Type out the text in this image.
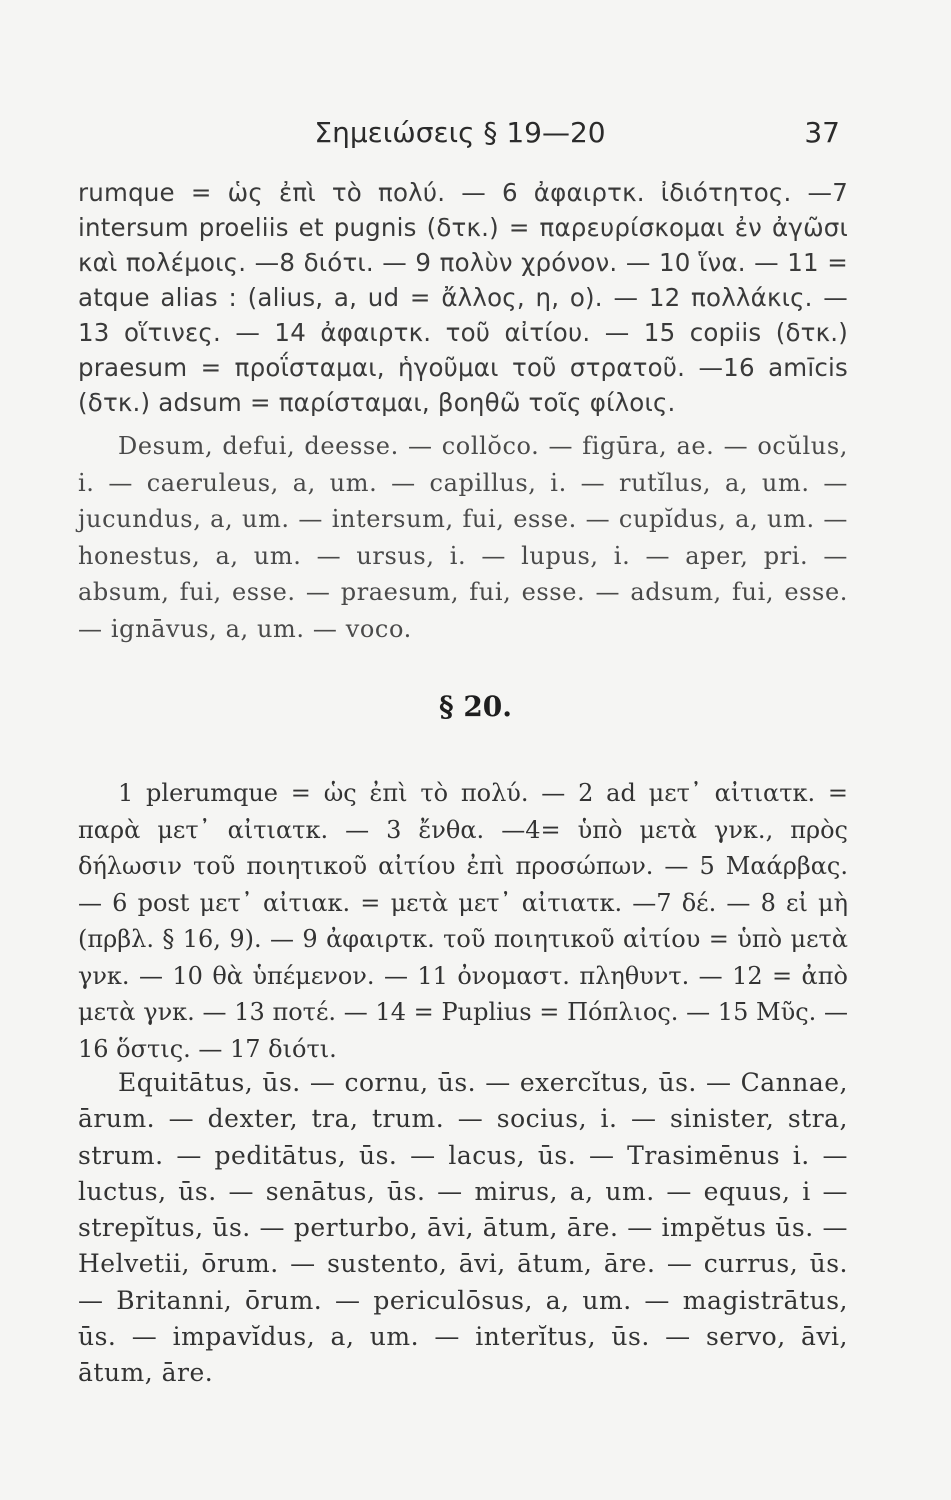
Σημειώσεις § 19—20	37

rumque = ὡς ἐπὶ τὸ πολύ. — 6 ἀφαιρτκ. ἰδιότητος. —7 intersum proeliis et pugnis (δτκ.) = παρευρίσκομαι ἐν ἀγῶσι καὶ πολέμοις. —8 διότι. — 9 πολὺν χρόνον. — 10 ἵνα. — 11 = atque alias : (alius, a, ud = ἄλλος, η, ο). — 12 πολλάκις. — 13 οἵτινες. — 14 ἀφαιρτκ. τοῦ αἰτίου. — 15 copiis (δτκ.) praesum = προΐσταμαι, ἡγοῦμαι τοῦ στρατοῦ. —16 amīcis (δτκ.) adsum = παρίσταμαι, βοηθῶ τοῖς φίλοις.

Desum, defui, deesse. — collŏco. — figūra, ae. — ocŭlus, i. — caeruleus, a, um. — capillus, i. — rutĭlus, a, um. — jucundus, a, um. — intersum, fui, esse. — cupĭdus, a, um. — honestus, a, um. — ursus, i. — lupus, i. — aper, pri. — absum, fui, esse. — praesum, fui, esse. — adsum, fui, esse. — ignāvus, a, um. — voco.

§ 20.

1 plerumque = ὡς ἐπὶ τὸ πολύ. — 2 ad μετ᾽ αἰτιατκ. = παρὰ μετ᾽ αἰτιατκ. — 3 ἔνθα. —4= ὑπὸ μετὰ γνκ., πρὸς δήλωσιν τοῦ ποιητικοῦ αἰτίου ἐπὶ προσώπων. — 5 Μαάρβας. — 6 post μετ᾽ αἰτιακ. = μετὰ μετ᾽ αἰτιατκ. —7 δέ. — 8 εἰ μὴ (πρβλ. § 16, 9). — 9 ἀφαιρτκ. τοῦ ποιητικοῦ αἰτίου = ὑπὸ μετὰ γνκ. — 10 θὰ ὑπέμενον. — 11 ὀνομαστ. πληθυντ. — 12 = ἀπὸ μετὰ γνκ. — 13 ποτέ. — 14 = Puplius = Πόπλιος. — 15 Μῦς. — 16 ὅστις. — 17 διότι.

Equitātus, ūs. — cornu, ūs. — exercĭtus, ūs. — Cannae, ārum. — dexter, tra, trum. — socius, i. — sinister, stra, strum. — peditātus, ūs. — lacus, ūs. — Trasimēnus i. — luctus, ūs. — senātus, ūs. — mirus, a, um. — equus, i — strepĭtus, ūs. — perturbo, āvi, ātum, āre. — impĕtus ūs. — Helvetii, ōrum. — sustento, āvi, ātum, āre. — currus, ūs. — Britanni, ōrum. — periculōsus, a, um. — magistrātus, ūs. — impavĭdus, a, um. — interĭtus, ūs. — servo, āvi, ātum, āre.
